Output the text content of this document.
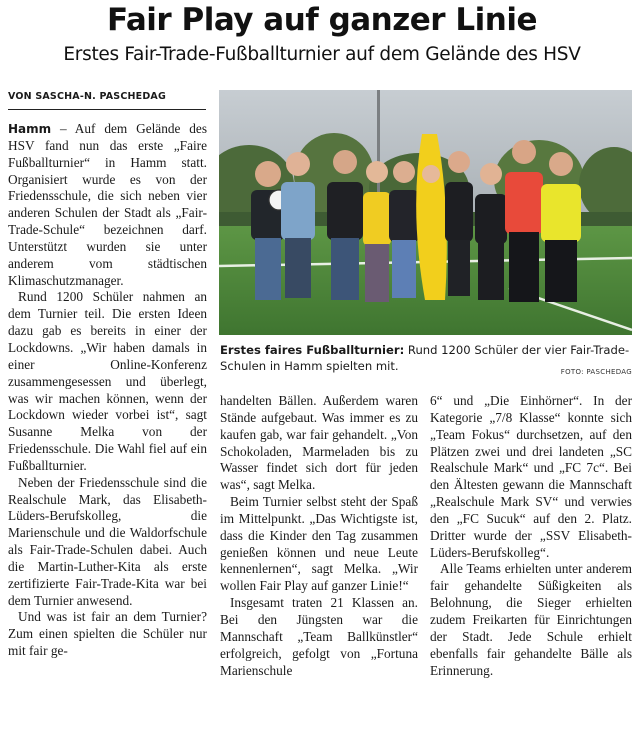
Fair Play auf ganzer Linie
Erstes Fair-Trade-Fußballturnier auf dem Gelände des HSV
VON SASCHA-N. PASCHEDAG

Hamm – Auf dem Gelände des HSV fand nun das erste „Faire Fußballturnier“ in Hamm statt. Organisiert wurde es von der Friedensschule, die sich neben vier anderen Schulen der Stadt als „Fair-Trade-Schule“ bezeichnen darf. Unterstützt wurden sie unter anderem vom städtischen Klimaschutzmanager.

Rund 1200 Schüler nahmen an dem Turnier teil. Die ersten Ideen dazu gab es bereits in einer der Lockdowns. „Wir haben damals in einer Online-Konferenz zusammengesessen und überlegt, was wir machen können, wenn der Lockdown wieder vorbei ist“, sagt Susanne Melka von der Friedensschule. Die Wahl fiel auf ein Fußballturnier.

Neben der Friedensschule sind die Realschule Mark, das Elisabeth-Lüders-Berufskolleg, die Marienschule und die Waldorfschule als Fair-Trade-Schulen dabei. Auch die Martin-Luther-Kita als erste zertifizierte Fair-Trade-Kita war bei dem Turnier anwesend.

Und was ist fair an dem Turnier? Zum einen spielten die Schüler nur mit fair ge-

Erstes faires Fußballturnier: Rund 1200 Schüler der vier Fair-Trade-Schulen in Hamm spielten mit.	FOTO: PASCHEDAG

handelten Bällen. Außerdem waren Stände aufgebaut. Was immer es zu kaufen gab, war fair gehandelt. „Von Schokoladen, Marmeladen bis zu Wasser findet sich dort für jeden was“, sagt Melka.

Beim Turnier selbst steht der Spaß im Mittelpunkt. „Das Wichtigste ist, dass die Kinder den Tag zusammen genießen können und neue Leute kennenlernen“, sagt Melka. „Wir wollen Fair Play auf ganzer Linie!“

Insgesamt traten 21 Klassen an. Bei den Jüngsten war die Mannschaft „Team Ballkünstler“ erfolgreich, gefolgt von „Fortuna Marienschule

6“ und „Die Einhörner“. In der Kategorie „7/8 Klasse“ konnte sich „Team Fokus“ durchsetzen, auf den Plätzen zwei und drei landeten „SC Realschule Mark“ und „FC 7c“. Bei den Ältesten gewann die Mannschaft „Realschule Mark SV“ und verwies den „FC Sucuk“ auf den 2. Platz. Dritter wurde der „SSV Elisabeth-Lüders-Berufskolleg“.

Alle Teams erhielten unter anderem fair gehandelte Süßigkeiten als Belohnung, die Sieger erhielten zudem Freikarten für Einrichtungen der Stadt. Jede Schule erhielt ebenfalls fair gehandelte Bälle als Erinnerung.
